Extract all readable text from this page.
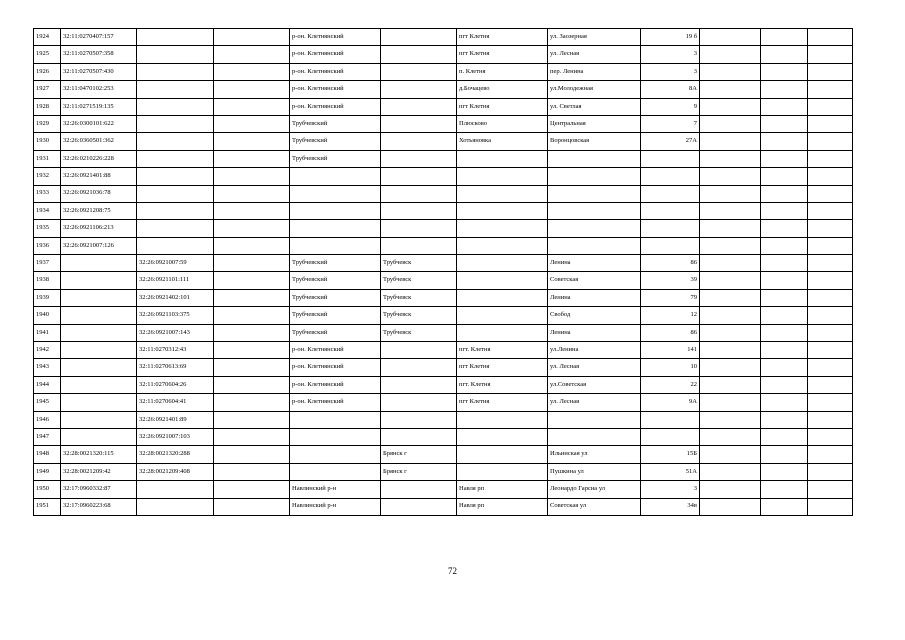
1924	32:11:0270407:157			р-он. Клетнянский		пгт Клетня	ул. Заозерная	19 б			
1925	32:11:0270507:358			р-он. Клетнянский		пгт Клетня	ул. Лесная	3			
1926	32:11:0270507:430			р-он. Клетнянский		п. Клетня	пер. Ленина	3			
1927	32:11:0470102:253			р-он. Клетнянский		д.Бочацево	ул.Молодежная	8А			
1928	32:11:0271519:135			р-он. Клетнянский		пгт Клетня	ул. Светлая	9			
1929	32:26:0300101:622			Трубчевский		Плюсково	Центральная	7			
1930	32:26:0360501:362			Трубчевский		Хотьяновка	Воронцовская	27А			
1931	32:26:0210226:228			Трубчевский							
1932	32:26:0921401:88										
1933	32:26:0921036:78										
1934	32:26:0921208:75										
1935	32:26:0921106:213										
1936	32:26:0921007:126										
1937		32:26:0921007:59		Трубчевский	Трубчевск		Ленина	86			
1938		32:26:0921101:111		Трубчевский	Трубчевск		Советская	39			
1939		32:26:0921402:101		Трубчевский	Трубчевск		Ленина	79			
1940		32:26:0921103:375		Трубчевский	Трубчевск		Свобод	12			
1941		32:26:0921007:143		Трубчевский	Трубчевск		Ленина	86			
1942		32:11:0270312:43		р-он. Клетнянский		пгт. Клетня	ул.Ленина	141			
1943		32:11:0270613:69		р-он. Клетнянский		пгт Клетня	ул. Лесная	10			
1944		32:11:0270604:26		р-он. Клетнянский		пгт. Клетня	ул.Советская	22			
1945		32:11:0270604:41		р-он. Клетнянский		пгт Клетня	ул. Лесная	9А			
1946		32:26:0921401:89									
1947		32:26:0921007:103									
1948	32:28:0021320:115	32:28:0021320:288			Брянск г		Ильинская ул	15Б			
1949	32:28:0021209:42	32:28:0021209:408			Брянск г		Пушкина ул	51А			
1950	32:17:0960332:87			Навлинский р-н		Навля рп	Леонардо Гарсиа ул	3			
1951	32:17:0960223:68			Навлинский р-н		Навля рп	Советская ул	34в			
72
